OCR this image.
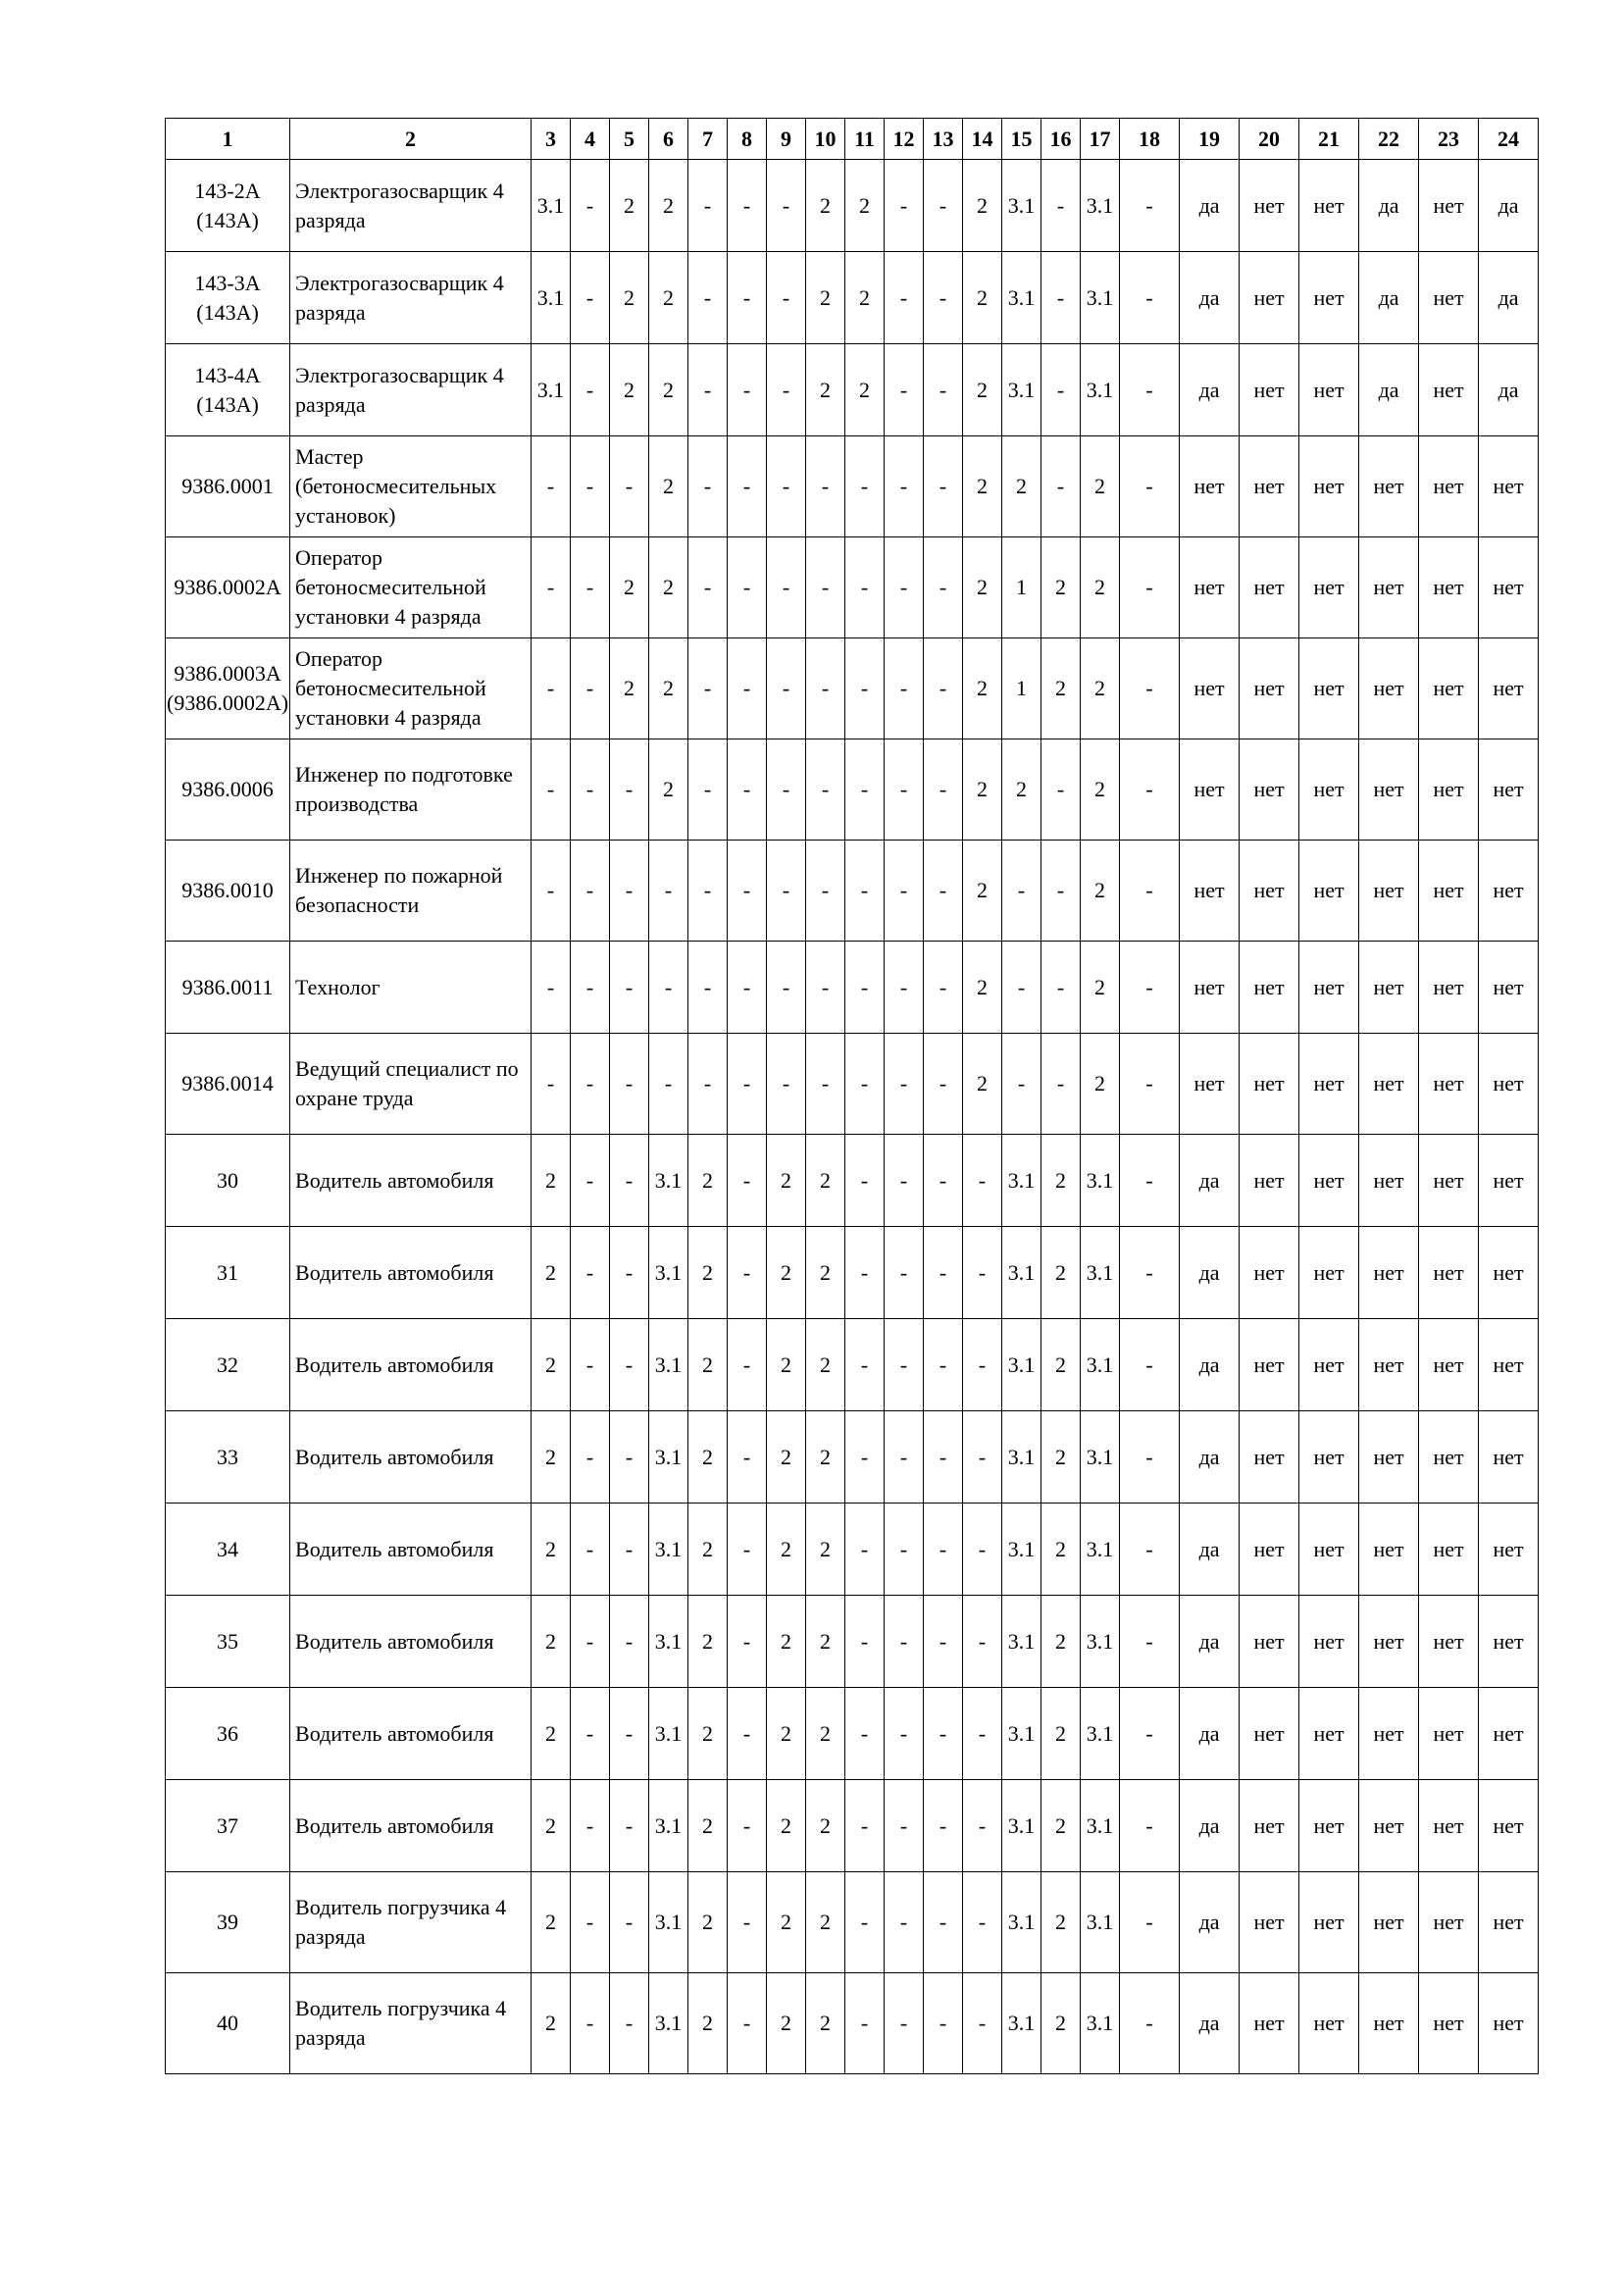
1	2	3	4	5	6	7	8	9	10	11	12	13	14	15	16	17	18	19	20	21	22	23	24
143-2А (143А)	Электрогазосварщик 4 разряда	3.1	-	2	2	-	-	-	2	2	-	-	2	3.1	-	3.1	-	да	нет	нет	да	нет	да
143-3А (143А)	Электрогазосварщик 4 разряда	3.1	-	2	2	-	-	-	2	2	-	-	2	3.1	-	3.1	-	да	нет	нет	да	нет	да
143-4А (143А)	Электрогазосварщик 4 разряда	3.1	-	2	2	-	-	-	2	2	-	-	2	3.1	-	3.1	-	да	нет	нет	да	нет	да
9386.0001	Мастер (бетоносмесительных установок)	-	-	-	2	-	-	-	-	-	-	-	2	2	-	2	-	нет	нет	нет	нет	нет	нет
9386.0002А	Оператор бетоносмесительной установки 4 разряда	-	-	2	2	-	-	-	-	-	-	-	2	1	2	2	-	нет	нет	нет	нет	нет	нет
9386.0003А (9386.0002А)	Оператор бетоносмесительной установки 4 разряда	-	-	2	2	-	-	-	-	-	-	-	2	1	2	2	-	нет	нет	нет	нет	нет	нет
9386.0006	Инженер по подготовке производства	-	-	-	2	-	-	-	-	-	-	-	2	2	-	2	-	нет	нет	нет	нет	нет	нет
9386.0010	Инженер по пожарной безопасности	-	-	-	-	-	-	-	-	-	-	-	2	-	-	2	-	нет	нет	нет	нет	нет	нет
9386.0011	Технолог	-	-	-	-	-	-	-	-	-	-	-	2	-	-	2	-	нет	нет	нет	нет	нет	нет
9386.0014	Ведущий специалист по охране труда	-	-	-	-	-	-	-	-	-	-	-	2	-	-	2	-	нет	нет	нет	нет	нет	нет
30	Водитель автомобиля	2	-	-	3.1	2	-	2	2	-	-	-	-	3.1	2	3.1	-	да	нет	нет	нет	нет	нет
31	Водитель автомобиля	2	-	-	3.1	2	-	2	2	-	-	-	-	3.1	2	3.1	-	да	нет	нет	нет	нет	нет
32	Водитель автомобиля	2	-	-	3.1	2	-	2	2	-	-	-	-	3.1	2	3.1	-	да	нет	нет	нет	нет	нет
33	Водитель автомобиля	2	-	-	3.1	2	-	2	2	-	-	-	-	3.1	2	3.1	-	да	нет	нет	нет	нет	нет
34	Водитель автомобиля	2	-	-	3.1	2	-	2	2	-	-	-	-	3.1	2	3.1	-	да	нет	нет	нет	нет	нет
35	Водитель автомобиля	2	-	-	3.1	2	-	2	2	-	-	-	-	3.1	2	3.1	-	да	нет	нет	нет	нет	нет
36	Водитель автомобиля	2	-	-	3.1	2	-	2	2	-	-	-	-	3.1	2	3.1	-	да	нет	нет	нет	нет	нет
37	Водитель автомобиля	2	-	-	3.1	2	-	2	2	-	-	-	-	3.1	2	3.1	-	да	нет	нет	нет	нет	нет
39	Водитель погрузчика 4 разряда	2	-	-	3.1	2	-	2	2	-	-	-	-	3.1	2	3.1	-	да	нет	нет	нет	нет	нет
40	Водитель погрузчика 4 разряда	2	-	-	3.1	2	-	2	2	-	-	-	-	3.1	2	3.1	-	да	нет	нет	нет	нет	нет
